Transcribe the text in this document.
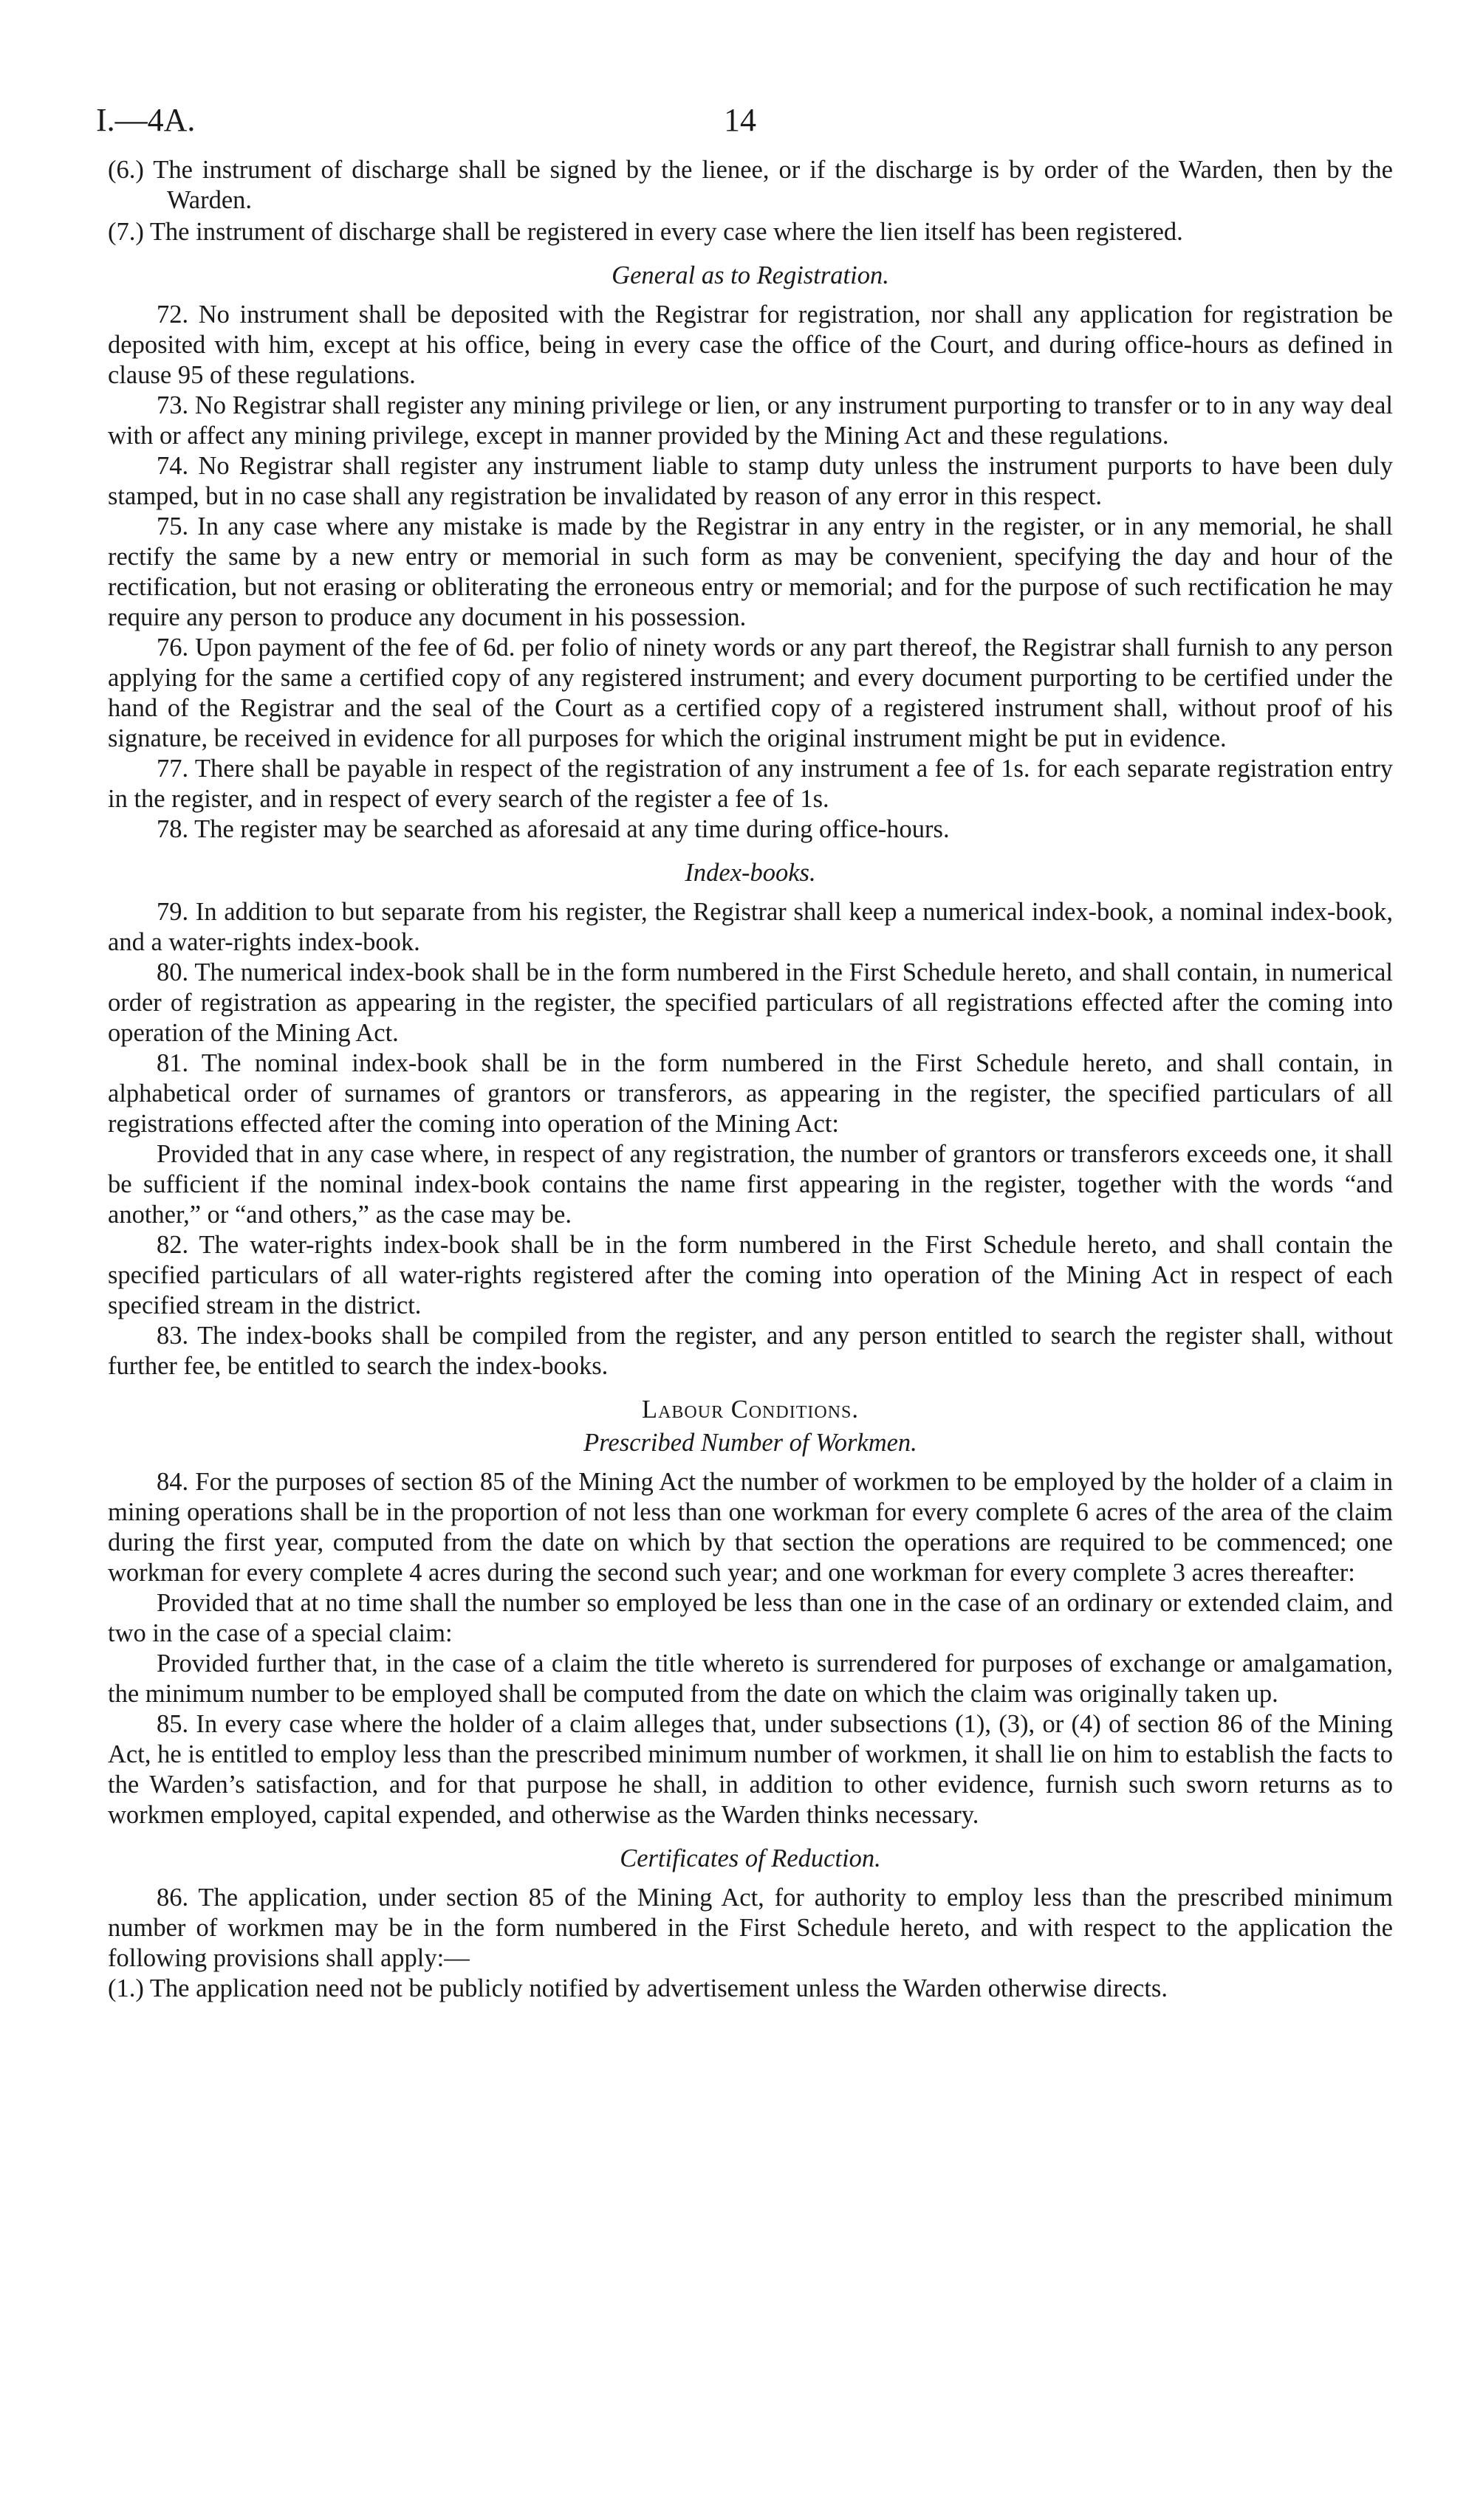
I.—4A.	14

(6.) The instrument of discharge shall be signed by the lienee, or if the discharge is by order of the Warden, then by the Warden.

(7.) The instrument of discharge shall be registered in every case where the lien itself has been registered.

General as to Registration.

72. No instrument shall be deposited with the Registrar for registration, nor shall any application for registration be deposited with him, except at his office, being in every case the office of the Court, and during office-hours as defined in clause 95 of these regulations.

73. No Registrar shall register any mining privilege or lien, or any instrument purporting to transfer or to in any way deal with or affect any mining privilege, except in manner provided by the Mining Act and these regulations.

74. No Registrar shall register any instrument liable to stamp duty unless the instrument purports to have been duly stamped, but in no case shall any registration be invalidated by reason of any error in this respect.

75. In any case where any mistake is made by the Registrar in any entry in the register, or in any memorial, he shall rectify the same by a new entry or memorial in such form as may be convenient, specifying the day and hour of the rectification, but not erasing or obliterating the erroneous entry or memorial; and for the purpose of such rectification he may require any person to produce any document in his possession.

76. Upon payment of the fee of 6d. per folio of ninety words or any part thereof, the Registrar shall furnish to any person applying for the same a certified copy of any registered instrument; and every document purporting to be certified under the hand of the Registrar and the seal of the Court as a certified copy of a registered instrument shall, without proof of his signature, be received in evidence for all purposes for which the original instrument might be put in evidence.

77. There shall be payable in respect of the registration of any instrument a fee of 1s. for each separate registration entry in the register, and in respect of every search of the register a fee of 1s.

78. The register may be searched as aforesaid at any time during office-hours.

Index-books.

79. In addition to but separate from his register, the Registrar shall keep a numerical index-book, a nominal index-book, and a water-rights index-book.

80. The numerical index-book shall be in the form numbered in the First Schedule hereto, and shall contain, in numerical order of registration as appearing in the register, the specified particulars of all registrations effected after the coming into operation of the Mining Act.

81. The nominal index-book shall be in the form numbered in the First Schedule hereto, and shall contain, in alphabetical order of surnames of grantors or transferors, as appearing in the register, the specified particulars of all registrations effected after the coming into operation of the Mining Act:

Provided that in any case where, in respect of any registration, the number of grantors or transferors exceeds one, it shall be sufficient if the nominal index-book contains the name first appearing in the register, together with the words “and another,” or “and others,” as the case may be.

82. The water-rights index-book shall be in the form numbered in the First Schedule hereto, and shall contain the specified particulars of all water-rights registered after the coming into operation of the Mining Act in respect of each specified stream in the district.

83. The index-books shall be compiled from the register, and any person entitled to search the register shall, without further fee, be entitled to search the index-books.

Labour Conditions.
Prescribed Number of Workmen.

84. For the purposes of section 85 of the Mining Act the number of workmen to be employed by the holder of a claim in mining operations shall be in the proportion of not less than one workman for every complete 6 acres of the area of the claim during the first year, computed from the date on which by that section the operations are required to be commenced; one workman for every complete 4 acres during the second such year; and one workman for every complete 3 acres thereafter:

Provided that at no time shall the number so employed be less than one in the case of an ordinary or extended claim, and two in the case of a special claim:

Provided further that, in the case of a claim the title whereto is surrendered for purposes of exchange or amalgamation, the minimum number to be employed shall be computed from the date on which the claim was originally taken up.

85. In every case where the holder of a claim alleges that, under subsections (1), (3), or (4) of section 86 of the Mining Act, he is entitled to employ less than the prescribed minimum number of workmen, it shall lie on him to establish the facts to the Warden’s satisfaction, and for that purpose he shall, in addition to other evidence, furnish such sworn returns as to workmen employed, capital expended, and otherwise as the Warden thinks necessary.

Certificates of Reduction.

86. The application, under section 85 of the Mining Act, for authority to employ less than the prescribed minimum number of workmen may be in the form numbered in the First Schedule hereto, and with respect to the application the following provisions shall apply:—

(1.) The application need not be publicly notified by advertisement unless the Warden otherwise directs.
